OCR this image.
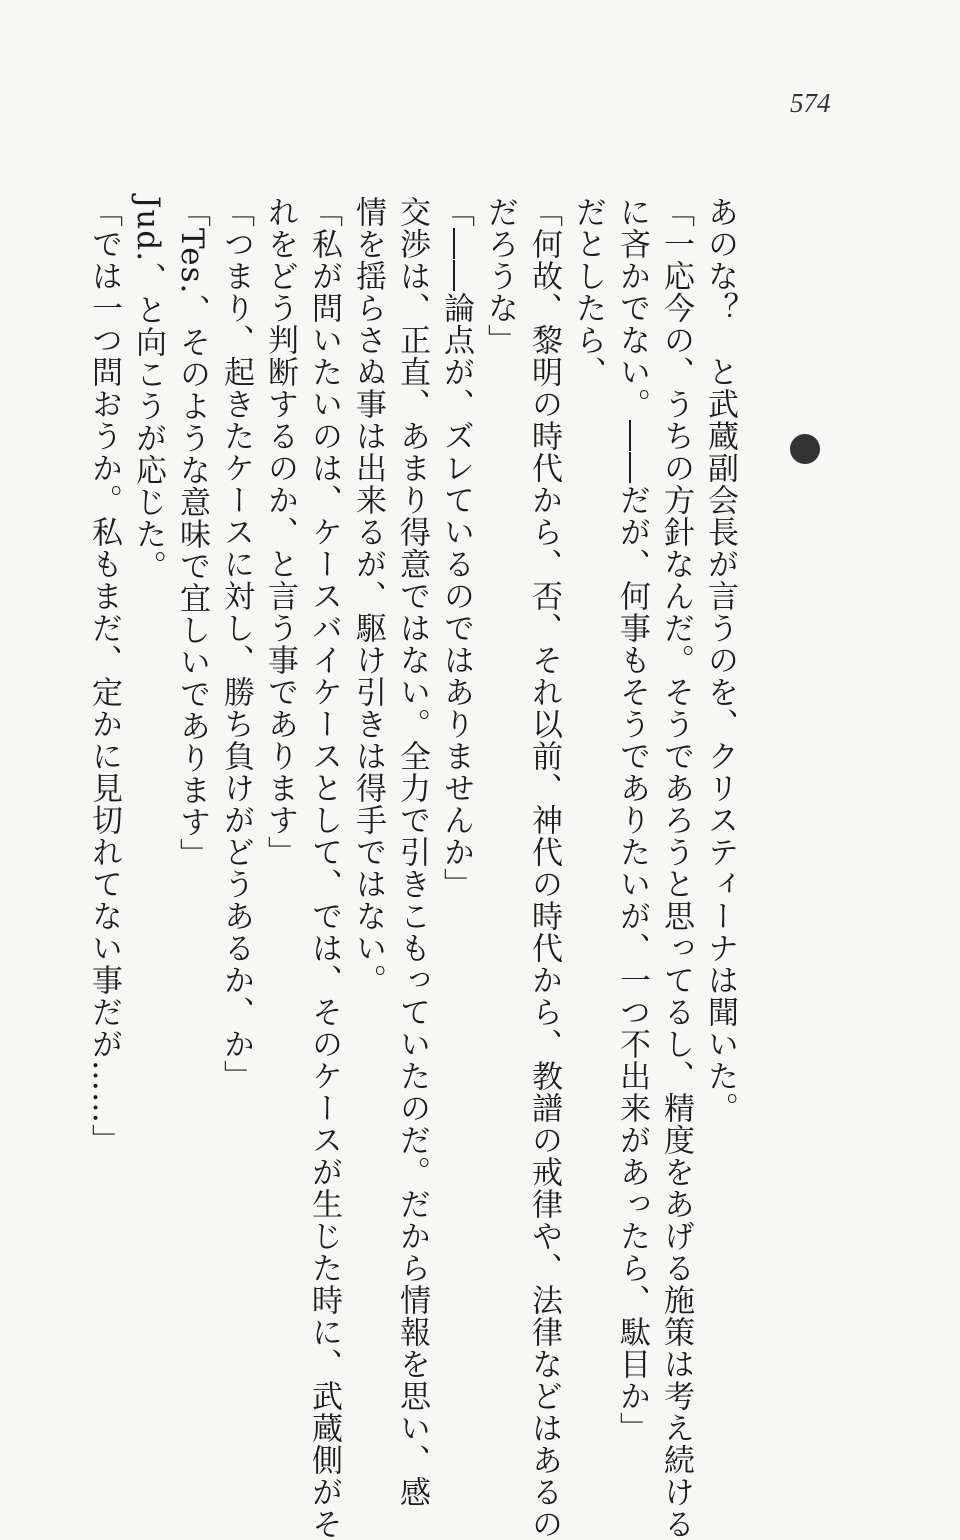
574
あのな？　と武蔵副会長が言うのを、クリスティーナは聞いた。
「一応今の、うちの方針なんだ。そうであろうと思ってるし、精度をあげる施策は考え続ける
に吝かでない。――だが、何事もそうでありたいが、一つ不出来があったら、駄目か」
だとしたら、
「何故、黎明の時代から、否、それ以前、神代の時代から、教譜の戒律や、法律などはあるの
だろうな」
「――論点が、ズレているのではありませんか」
交渉は、正直、あまり得意ではない。全力で引きこもっていたのだ。だから情報を思い、感
情を揺らさぬ事は出来るが、駆け引きは得手ではない。
「私が問いたいのは、ケースバイケースとして、では、そのケースが生じた時に、武蔵側がそ
れをどう判断するのか、と言う事であります」
「つまり、起きたケースに対し、勝ち負けがどうあるか、か」
「Tes.、そのような意味で宜しいであります」
Jud.、と向こうが応じた。
「では一つ問おうか。私もまだ、定かに見切れてない事だが……」
